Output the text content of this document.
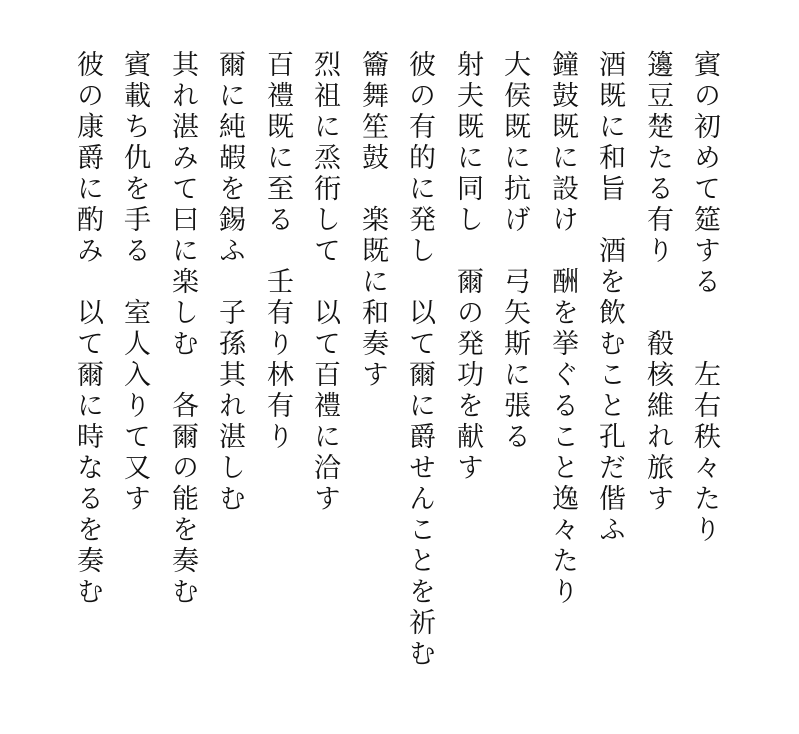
賓の初めて筵する　　左右秩々たり
籩豆楚たる有り　　殽核維れ旅す
酒既に和旨　酒を飲むこと孔だ偕ふ
鐘鼓既に設け　酬を挙ぐること逸々たり
大侯既に抗げ　弓矢斯に張る
射夫既に同し　爾の発功を献す
彼の有的に発し　以て爾に爵せんことを祈む
籥舞笙鼓　楽既に和奏す
烈祖に烝衎して　以て百禮に洽す
百禮既に至る　壬有り林有り
爾に純嘏を錫ふ　子孫其れ湛しむ
其れ湛みて曰に楽しむ　各爾の能を奏む
賓載ち仇を手る　室人入りて又す
彼の康爵に酌み　以て爾に時なるを奏む
